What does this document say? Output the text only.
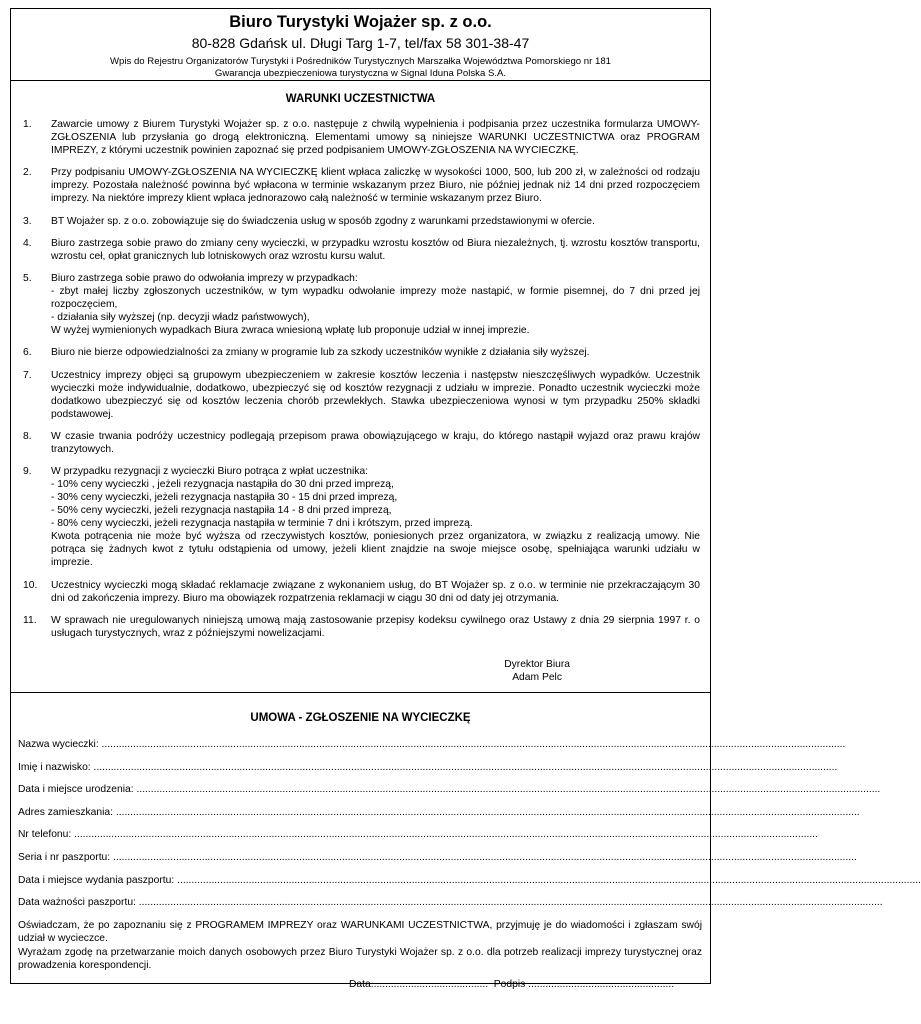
Biuro Turystyki Wojażer sp. z o.o.
80-828 Gdańsk ul. Długi Targ 1-7, tel/fax 58 301-38-47
Wpis do Rejestru Organizatorów Turystyki i Pośredników Turystycznych Marszałka Województwa Pomorskiego nr 181
Gwarancja ubezpieczeniowa turystyczna w Signal Iduna Polska S.A.
WARUNKI UCZESTNICTWA
1.	Zawarcie umowy z Biurem Turystyki Wojażer sp. z o.o. następuje z chwilą wypełnienia i podpisania przez uczestnika formularza UMOWY-ZGŁOSZENIA lub przysłania go drogą elektroniczną. Elementami umowy są niniejsze WARUNKI UCZESTNICTWA oraz PROGRAM IMPREZY, z którymi uczestnik powinien zapoznać się przed podpisaniem UMOWY-ZGŁOSZENIA NA WYCIECZKĘ.
2.	Przy podpisaniu UMOWY-ZGŁOSZENIA NA WYCIECZKĘ klient wpłaca zaliczkę w wysokości 1000, 500, lub 200 zł, w zależności od rodzaju imprezy. Pozostała należność powinna być wpłacona w terminie wskazanym przez Biuro, nie później jednak niż 14 dni przed rozpoczęciem imprezy. Na niektóre imprezy klient wpłaca jednorazowo całą należność w terminie wskazanym przez Biuro.
3.	BT Wojażer sp. z o.o. zobowiązuje się do świadczenia usług w sposób zgodny z warunkami przedstawionymi w ofercie.
4.	Biuro zastrzega sobie prawo do zmiany ceny wycieczki, w przypadku wzrostu kosztów od Biura niezależnych, tj. wzrostu kosztów transportu, wzrostu ceł, opłat granicznych lub lotniskowych oraz wzrostu kursu walut.
5.	Biuro zastrzega sobie prawo do odwołania imprezy w przypadkach:
- zbyt małej liczby zgłoszonych uczestników, w tym wypadku odwołanie imprezy może nastąpić, w formie pisemnej, do 7 dni przed jej rozpoczęciem,
- działania siły wyższej (np. decyzji władz państwowych),
W wyżej wymienionych wypadkach Biura zwraca wniesioną wpłatę lub proponuje udział w innej imprezie.
6.	Biuro nie bierze odpowiedzialności za zmiany w programie lub za szkody uczestników wynikłe z działania siły wyższej.
7.	Uczestnicy imprezy objęci są grupowym ubezpieczeniem w zakresie kosztów leczenia i następstw nieszczęśliwych wypadków. Uczestnik wycieczki może indywidualnie, dodatkowo, ubezpieczyć się od kosztów rezygnacji z udziału w imprezie. Ponadto uczestnik wycieczki może dodatkowo ubezpieczyć się od kosztów leczenia chorób przewlekłych. Stawka ubezpieczeniowa wynosi w tym przypadku 250% składki podstawowej.
8.	W czasie trwania podróży uczestnicy podlegają przepisom prawa obowiązującego w kraju, do którego nastąpił wyjazd oraz prawu krajów tranzytowych.
9.	W przypadku rezygnacji z wycieczki Biuro potrąca z wpłat uczestnika:
- 10% ceny wycieczki , jeżeli rezygnacja nastąpiła do 30 dni przed imprezą,
- 30% ceny wycieczki, jeżeli rezygnacja nastąpiła 30 - 15 dni przed imprezą,
- 50% ceny wycieczki, jeżeli rezygnacja nastąpiła 14 - 8 dni przed imprezą,
- 80% ceny wycieczki, jeżeli rezygnacja nastąpiła w terminie 7 dni i krótszym, przed imprezą.
Kwota potrącenia nie może być wyższa od rzeczywistych kosztów, poniesionych przez organizatora, w związku z realizacją umowy. Nie potrąca się żadnych kwot z tytułu odstąpienia od umowy, jeżeli klient znajdzie na swoje miejsce osobę, spełniająca warunki udziału w imprezie.
10.	Uczestnicy wycieczki mogą składać reklamacje związane z wykonaniem usług, do BT Wojażer sp. z o.o. w terminie nie przekraczającym 30 dni od zakończenia imprezy. Biuro ma obowiązek rozpatrzenia reklamacji w ciągu 30 dni od daty jej otrzymania.
11.	W sprawach nie uregulowanych niniejszą umową mają zastosowanie przepisy kodeksu cywilnego oraz Ustawy z dnia 29 sierpnia 1997 r. o usługach turystycznych, wraz z późniejszymi nowelizacjami.
Dyrektor Biura
Adam Pelc
UMOWA - ZGŁOSZENIE NA WYCIECZKĘ
Nazwa wycieczki: ....................................................................................................................................................................................................................................................................
Imię i nazwisko: ....................................................................................................................................................................................................................................................................
Data i miejsce urodzenia: ....................................................................................................................................................................................................................................................................
Adres zamieszkania: ....................................................................................................................................................................................................................................................................
Nr telefonu: ....................................................................................................................................................................................................................................................................
Seria i nr paszportu: ....................................................................................................................................................................................................................................................................
Data i miejsce wydania paszportu: ....................................................................................................................................................................................................................................................................
Data ważności paszportu: ....................................................................................................................................................................................................................................................................

Oświadczam, że po zapoznaniu się z PROGRAMEM IMPREZY oraz WARUNKAMI UCZESTNICTWA, przyjmuję je do wiadomości i zgłaszam swój udział w wycieczce.

Wyrażam zgodę na przetwarzanie moich danych osobowych przez Biuro Turystyki Wojażer sp. z o.o. dla potrzeb realizacji imprezy turystycznej oraz prowadzenia korespondencji.

Data......................................... Podpis ...................................................
